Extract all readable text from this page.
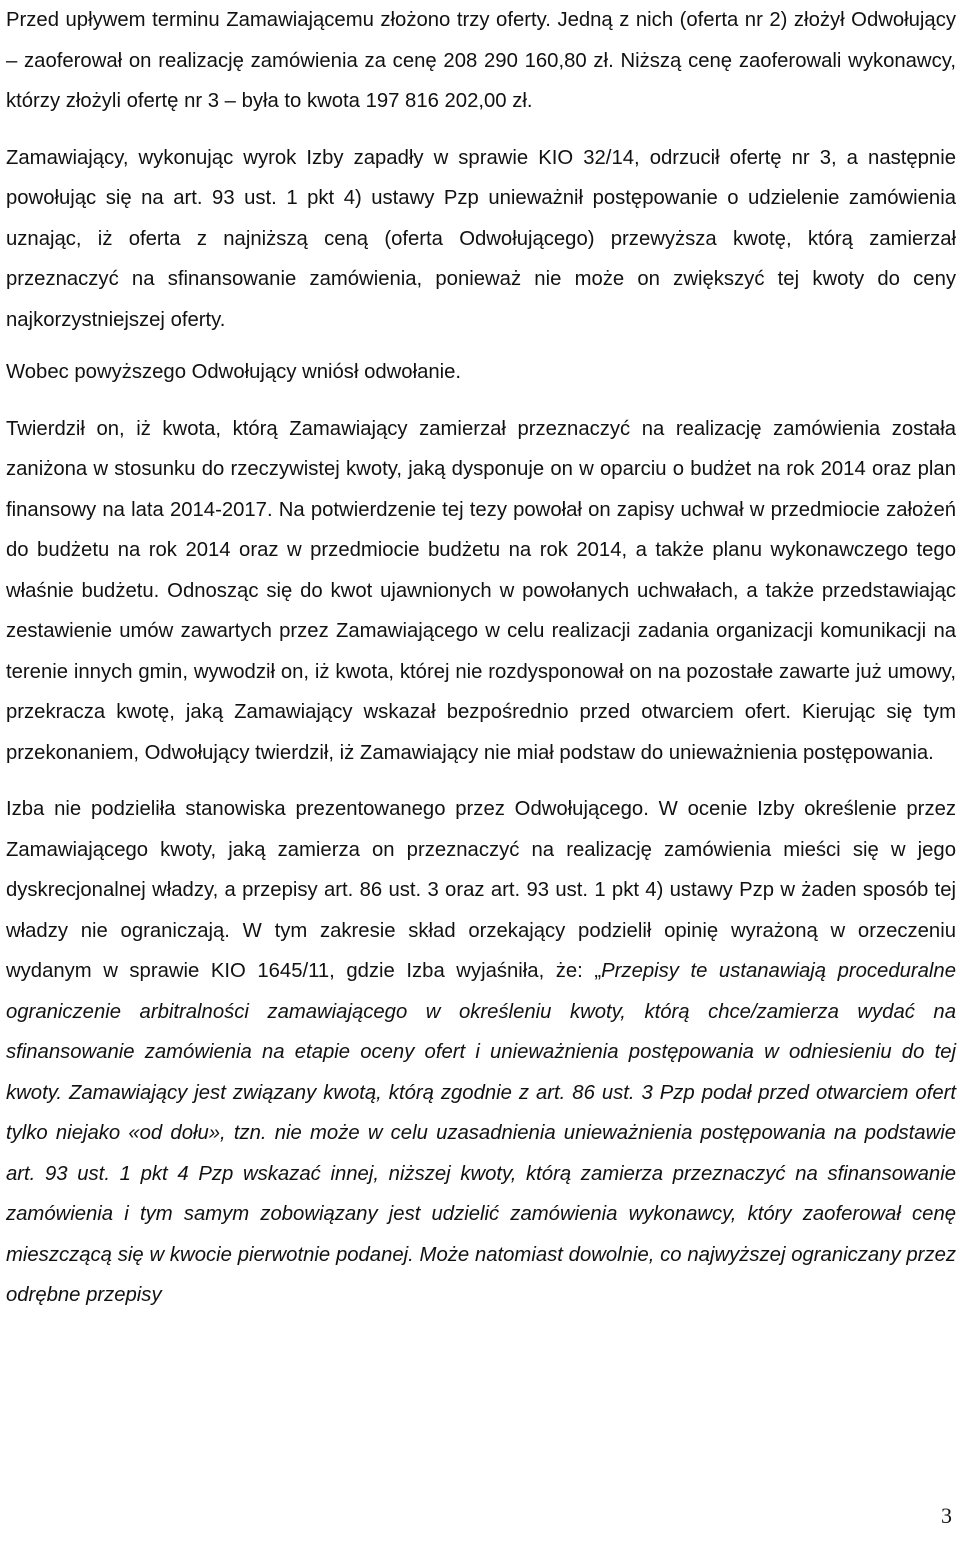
Przed upływem terminu Zamawiającemu złożono trzy oferty. Jedną z nich (oferta nr 2) złożył Odwołujący – zaoferował on realizację zamówienia za cenę 208 290 160,80 zł. Niższą cenę zaoferowali wykonawcy, którzy złożyli ofertę nr 3 – była to kwota 197 816 202,00 zł.

Zamawiający, wykonując wyrok Izby zapadły w sprawie KIO 32/14, odrzucił ofertę nr 3, a następnie powołując się na art. 93 ust. 1 pkt 4) ustawy Pzp unieważnił postępowanie o udzielenie zamówienia uznając, iż oferta z najniższą ceną (oferta Odwołującego) przewyższa kwotę, którą zamierzał przeznaczyć na sfinansowanie zamówienia, ponieważ nie może on zwiększyć tej kwoty do ceny najkorzystniejszej oferty.

Wobec powyższego Odwołujący wniósł odwołanie.

Twierdził on, iż kwota, którą Zamawiający zamierzał przeznaczyć na realizację zamówienia została zaniżona w stosunku do rzeczywistej kwoty, jaką dysponuje on w oparciu o budżet na rok 2014 oraz plan finansowy na lata 2014-2017. Na potwierdzenie tej tezy powołał on zapisy uchwał w przedmiocie założeń do budżetu na rok 2014 oraz w przedmiocie budżetu na rok 2014, a także planu wykonawczego tego właśnie budżetu. Odnosząc się do kwot ujawnionych w powołanych uchwałach, a także przedstawiając zestawienie umów zawartych przez Zamawiającego w celu realizacji zadania organizacji komunikacji na terenie innych gmin, wywodził on, iż kwota, której nie rozdysponował on na pozostałe zawarte już umowy, przekracza kwotę, jaką Zamawiający wskazał bezpośrednio przed otwarciem ofert. Kierując się tym przekonaniem, Odwołujący twierdził, iż Zamawiający nie miał podstaw do unieważnienia postępowania.

Izba nie podzieliła stanowiska prezentowanego przez Odwołującego. W ocenie Izby określenie przez Zamawiającego kwoty, jaką zamierza on przeznaczyć na realizację zamówienia mieści się w jego dyskrecjonalnej władzy, a przepisy art. 86 ust. 3 oraz art. 93 ust. 1 pkt 4) ustawy Pzp w żaden sposób tej władzy nie ograniczają. W tym zakresie skład orzekający podzielił opinię wyrażoną w orzeczeniu wydanym w sprawie KIO 1645/11, gdzie Izba wyjaśniła, że: „Przepisy te ustanawiają proceduralne ograniczenie arbitralności zamawiającego w określeniu kwoty, którą chce/zamierza wydać na sfinansowanie zamówienia na etapie oceny ofert i unieważnienia postępowania w odniesieniu do tej kwoty. Zamawiający jest związany kwotą, którą zgodnie z art. 86 ust. 3 Pzp podał przed otwarciem ofert tylko niejako «od dołu», tzn. nie może w celu uzasadnienia unieważnienia postępowania na podstawie art. 93 ust. 1 pkt 4 Pzp wskazać innej, niższej kwoty, którą zamierza przeznaczyć na sfinansowanie zamówienia i tym samym zobowiązany jest udzielić zamówienia wykonawcy, który zaoferował cenę mieszczącą się w kwocie pierwotnie podanej. Może natomiast dowolnie, co najwyższej ograniczany przez odrębne przepisy

3
